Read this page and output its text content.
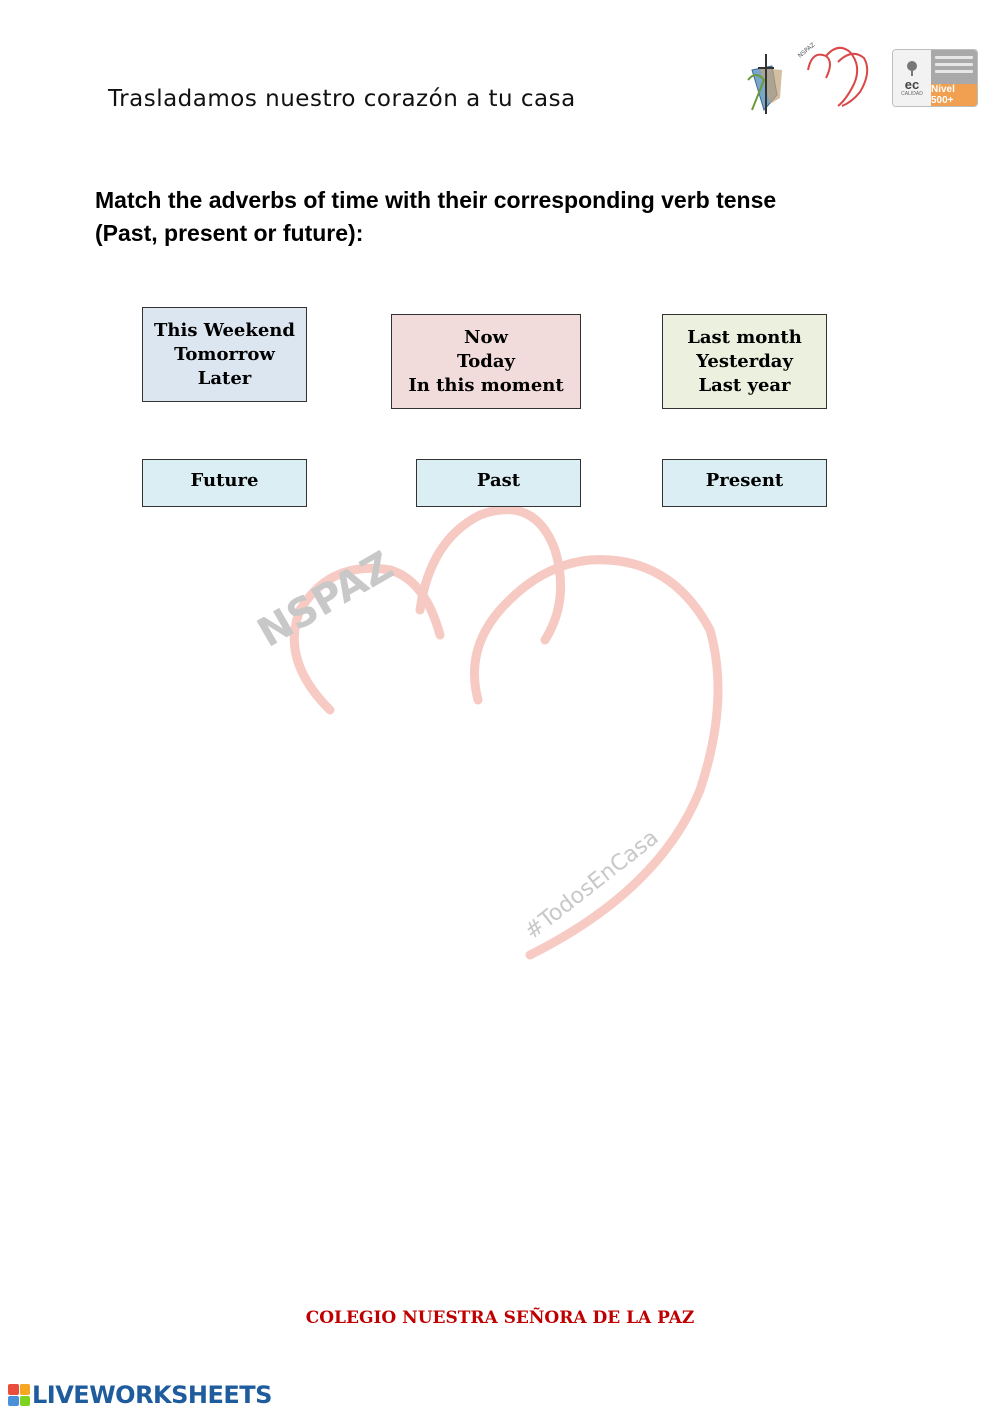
Trasladamos nuestro corazón a tu casa
NSPAZ
ec
CALIDAD Nivel 500+
Match the adverbs of time with their corresponding verb tense
(Past, present or future):
NSPAZ
#TodosEnCasa
This Weekend
Tomorrow
Later
Now
Today
In this moment
Last month
Yesterday
Last year
Future	Past	Present
COLEGIO NUESTRA SEÑORA DE LA PAZ
LIVEWORKSHEETS
